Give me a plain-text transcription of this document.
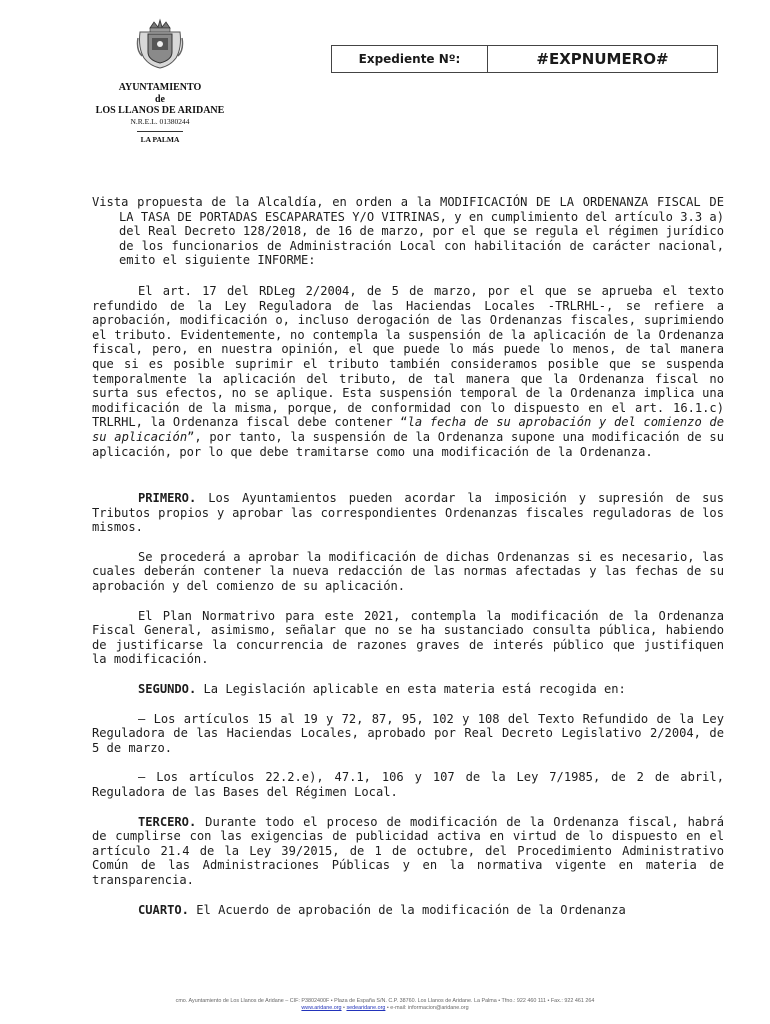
AYUNTAMIENTO
de
LOS LLANOS DE ARIDANE
N.R.E.L. 01380244
LA PALMA
Expediente Nº:	#EXPNUMERO#

Vista propuesta de la Alcaldía, en orden a la MODIFICACIÓN DE LA ORDENANZA FISCAL DE LA TASA DE PORTADAS ESCAPARATES Y/O VITRINAS, y en cumplimiento del artículo 3.3 a) del Real Decreto 128/2018, de 16 de marzo, por el que se regula el régimen jurídico de los funcionarios de Administración Local con habilitación de carácter nacional, emito el siguiente INFORME:

El art. 17 del RDLeg 2/2004, de 5 de marzo, por el que se aprueba el texto refundido de la Ley Reguladora de las Haciendas Locales -TRLRHL-, se refiere a aprobación, modificación o, incluso derogación de las Ordenanzas fiscales, suprimiendo el tributo. Evidentemente, no contempla la suspensión de la aplicación de la Ordenanza fiscal, pero, en nuestra opinión, el que puede lo más puede lo menos, de tal manera que si es posible suprimir el tributo también consideramos posible que se suspenda temporalmente la aplicación del tributo, de tal manera que la Ordenanza fiscal no surta sus efectos, no se aplique. Esta suspensión temporal de la Ordenanza implica una modificación de la misma, porque, de conformidad con lo dispuesto en el art. 16.1.c) TRLRHL, la Ordenanza fiscal debe contener “la fecha de su aprobación y del comienzo de su aplicación”, por tanto, la suspensión de la Ordenanza supone una modificación de su aplicación, por lo que debe tramitarse como una modificación de la Ordenanza.

PRIMERO. Los Ayuntamientos pueden acordar la imposición y supresión de sus Tributos propios y aprobar las correspondientes Ordenanzas fiscales reguladoras de los mismos.

Se procederá a aprobar la modificación de dichas Ordenanzas si es necesario, las cuales deberán contener la nueva redacción de las normas afectadas y las fechas de su aprobación y del comienzo de su aplicación.

El Plan Normatrivo para este 2021, contempla la modificación de la Ordenanza Fiscal General, asimismo, señalar que no se ha sustanciado consulta pública, habiendo de justificarse la concurrencia de razones graves de interés público que justifiquen la modificación.

SEGUNDO. La Legislación aplicable en esta materia está recogida en:

— Los artículos 15 al 19 y 72, 87, 95, 102 y 108 del Texto Refundido de la Ley Reguladora de las Haciendas Locales, aprobado por Real Decreto Legislativo 2/2004, de 5 de marzo.

— Los artículos 22.2.e), 47.1, 106 y 107 de la Ley 7/1985, de 2 de abril, Reguladora de las Bases del Régimen Local.

TERCERO. Durante todo el proceso de modificación de la Ordenanza fiscal, habrá de cumplirse con las exigencias de publicidad activa en virtud de lo dispuesto en el artículo 21.4 de la Ley 39/2015, de 1 de octubre, del Procedimiento Administrativo Común de las Administraciones Públicas y en la normativa vigente en materia de transparencia.

CUARTO. El Acuerdo de aprobación de la modificación de la Ordenanza

cmo. Ayuntamiento de Los Llanos de Aridane – CIF: P3802400F • Plaza de España S/N. C.P. 38760. Los Llanos de Aridane. La Palma • Tfno.: 922 460 111 • Fax.: 922 461 264
www.aridane.org • sedearidane.org • e-mail: informacion@aridane.org
